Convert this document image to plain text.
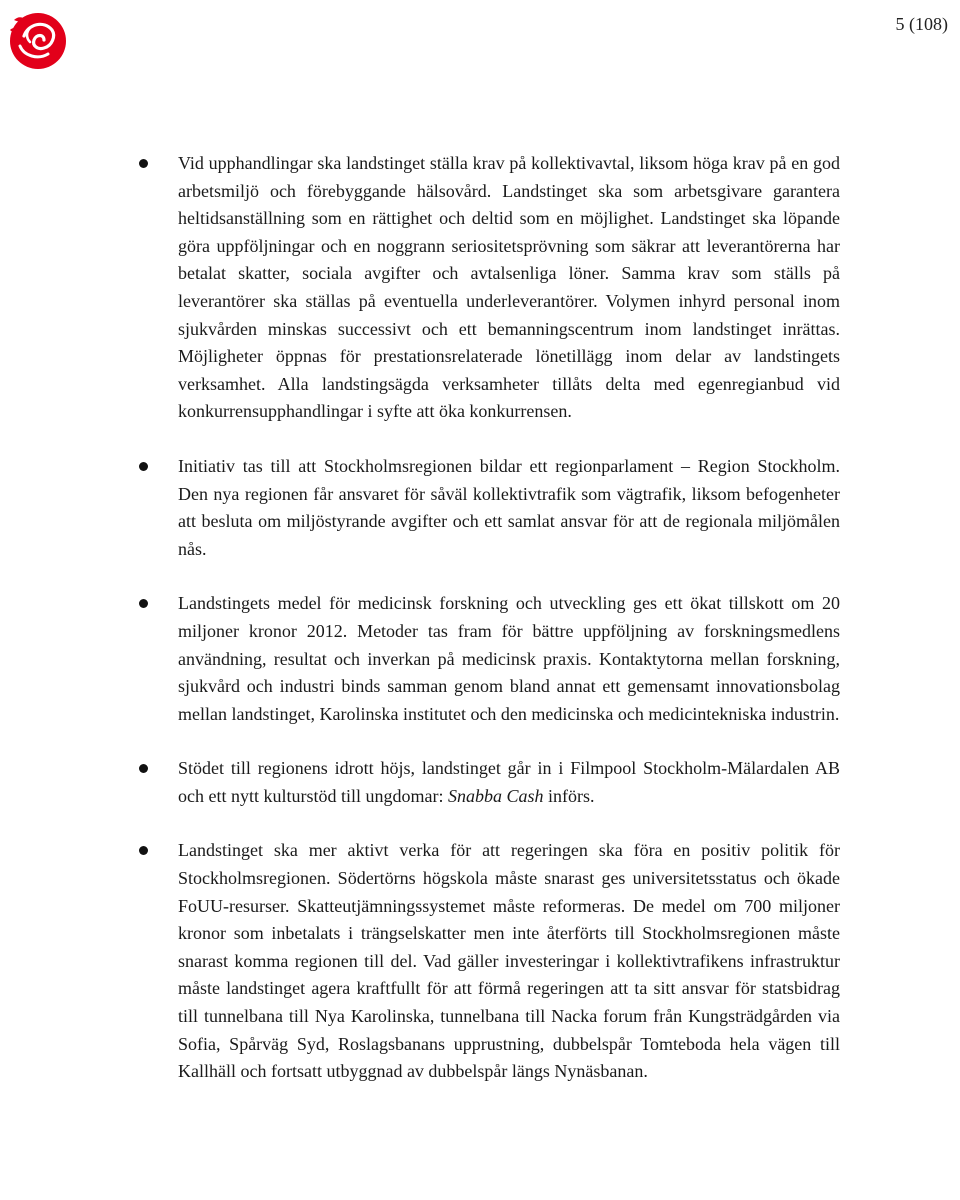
5 (108)
Vid upphandlingar ska landstinget ställa krav på kollektivavtal, liksom höga krav på en god arbetsmiljö och förebyggande hälsovård. Landstinget ska som arbetsgivare garantera heltidsanställning som en rättighet och deltid som en möjlighet. Landstinget ska löpande göra uppföljningar och en noggrann seriositetsprövning som säkrar att leverantörerna har betalat skatter, sociala avgifter och avtalsenliga löner. Samma krav som ställs på leverantörer ska ställas på eventuella underleverantörer. Volymen inhyrd personal inom sjukvården minskas successivt och ett bemanningscentrum inom landstinget inrättas. Möjligheter öppnas för prestationsrelaterade lönetillägg inom delar av landstingets verksamhet. Alla landstingsägda verksamheter tillåts delta med egenregianbud vid konkurrensupphandlingar i syfte att öka konkurrensen.
Initiativ tas till att Stockholmsregionen bildar ett regionparlament – Region Stockholm. Den nya regionen får ansvaret för såväl kollektivtrafik som vägtrafik, liksom befogenheter att besluta om miljöstyrande avgifter och ett samlat ansvar för att de regionala miljömålen nås.
Landstingets medel för medicinsk forskning och utveckling ges ett ökat tillskott om 20 miljoner kronor 2012. Metoder tas fram för bättre uppföljning av forskningsmedlens användning, resultat och inverkan på medicinsk praxis. Kontaktytorna mellan forskning, sjukvård och industri binds samman genom bland annat ett gemensamt innovationsbolag mellan landstinget, Karolinska institutet och den medicinska och medicintekniska industrin.
Stödet till regionens idrott höjs, landstinget går in i Filmpool Stockholm-Mälardalen AB och ett nytt kulturstöd till ungdomar: Snabba Cash införs.
Landstinget ska mer aktivt verka för att regeringen ska föra en positiv politik för Stockholmsregionen. Södertörns högskola måste snarast ges universitetsstatus och ökade FoUU-resurser. Skatteutjämningssystemet måste reformeras. De medel om 700 miljoner kronor som inbetalats i trängselskatter men inte återförts till Stockholmsregionen måste snarast komma regionen till del. Vad gäller investeringar i kollektivtrafikens infrastruktur måste landstinget agera kraftfullt för att förmå regeringen att ta sitt ansvar för statsbidrag till tunnelbana till Nya Karolinska, tunnelbana till Nacka forum från Kungsträdgården via Sofia, Spårväg Syd, Roslagsbanans upprustning, dubbelspår Tomteboda hela vägen till Kallhäll och fortsatt utbyggnad av dubbelspår längs Nynäsbanan.
